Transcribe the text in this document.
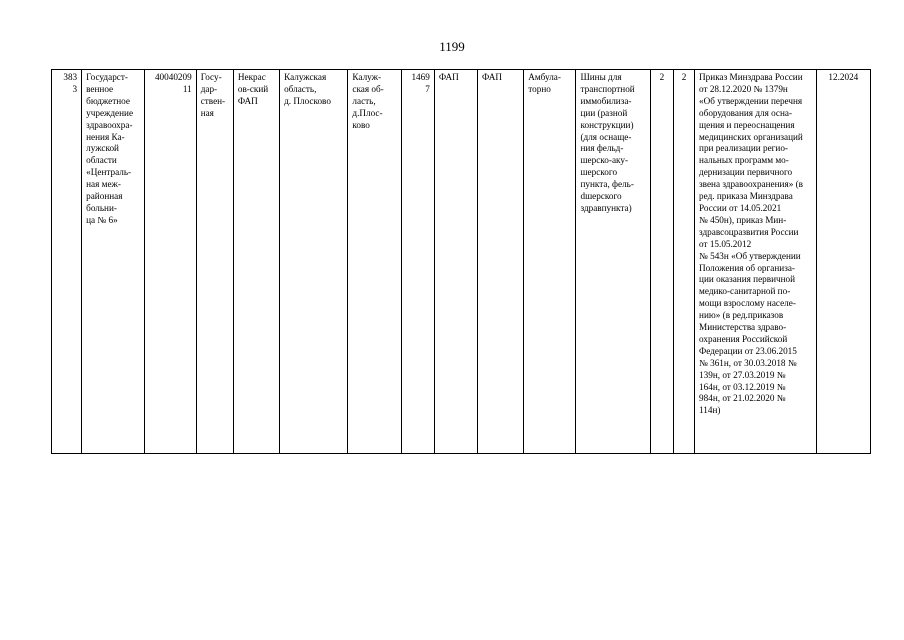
1199
383
3	Государст-
венное
бюджетное
учреждение
здравоохра-
нения Ка-
лужской
области
«Централь-
ная меж-
районная
больни-
ца № 6»	40040209
11	Госу-
дар-
ствен-
ная	Некрас
ов-ский
ФАП	Калужская
область,
д. Плосково	Калуж-
ская об-
ласть,
д.Плос-
ково	1469
7	ФАП	ФАП	Амбула-
торно	Шины для
транспортной
иммобилиза-
ции (разной
конструкции)
(для оснаще-
ния фельд-
шерско-аку-
шерского
пункта, фель-
dшерского
здравпункта)	2	2	Приказ Минздрава России
от 28.12.2020 № 1379н
«Об утверждении перечня
оборудования для осна-
щения и переоснащения
медицинских организаций
при реализации регио-
нальных программ мо-
дернизации первичного
звена здравоохранения» (в
ред. приказа Минздрава
России от 14.05.2021
№ 450н), приказ Мин-
здравсоцразвития России
от 15.05.2012
№ 543н «Об утверждении
Положения об организа-
ции оказания первичной
медико-санитарной по-
мощи взрослому населе-
нию» (в ред.приказов
Министерства здраво-
охранения Российской
Федерации от 23.06.2015
№ 361н, от 30.03.2018 №
139н, от 27.03.2019 №
164н, от 03.12.2019 №
984н, от 21.02.2020 №
114н)	12.2024
